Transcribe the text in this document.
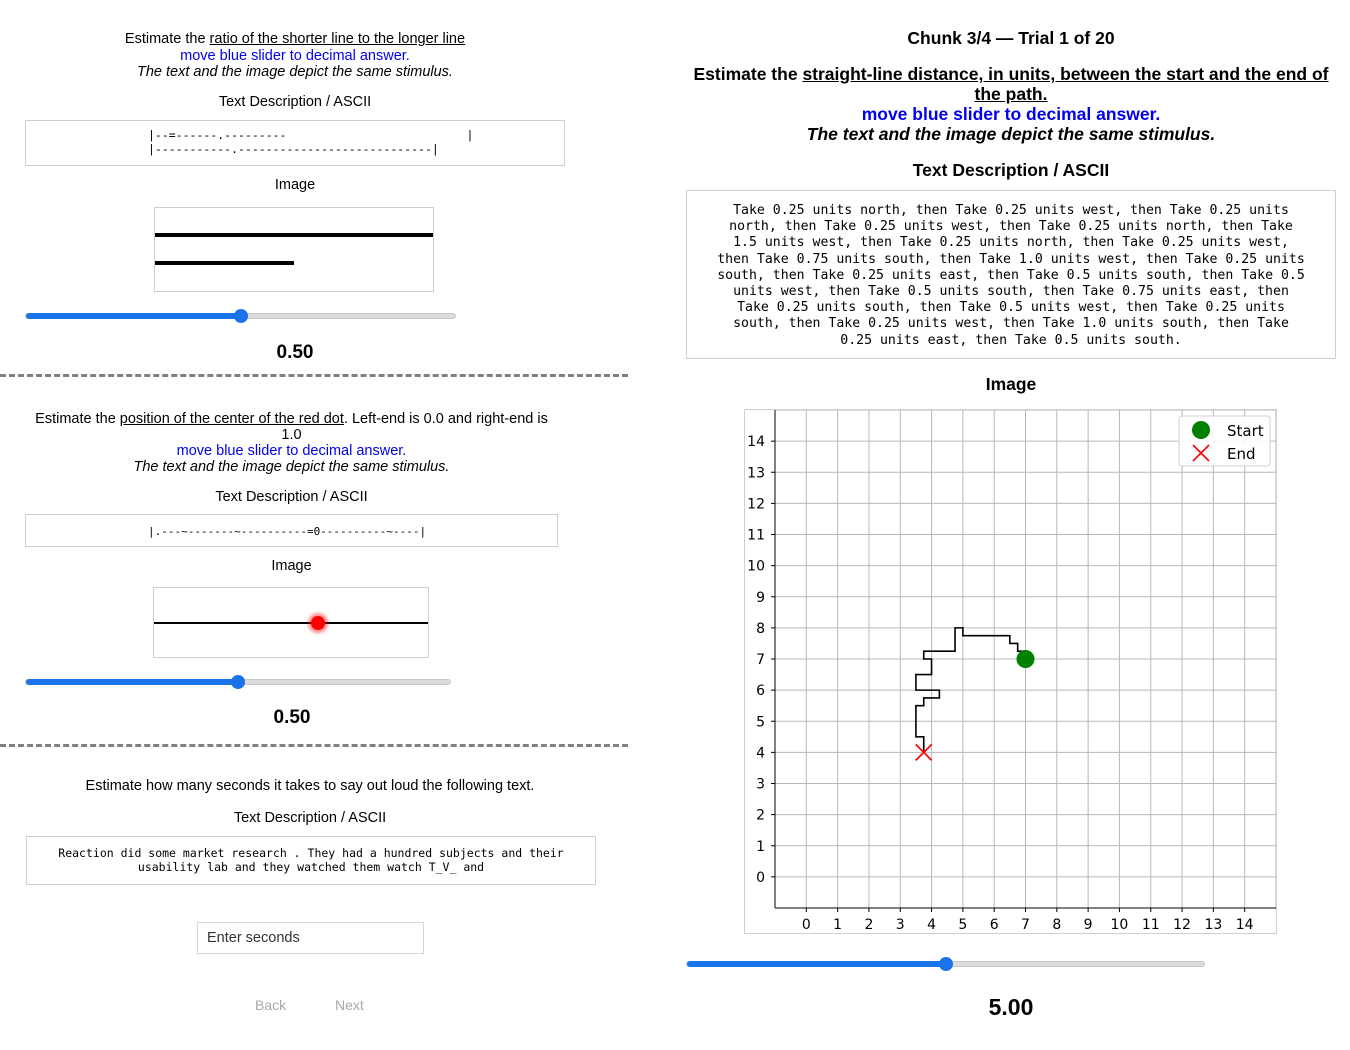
Estimate the ratio of the shorter line to the longer line
move blue slider to decimal answer.
The text and the image depict the same stimulus.
Text Description / ASCII
|--=------.---------                          |
|-----------.----------------------------|
Image
0.50
Estimate the position of the center of the red dot. Left-end is 0.0 and right-end is 1.0
move blue slider to decimal answer.
The text and the image depict the same stimulus.
Text Description / ASCII
|.---~-------~----------=0----------~----|
Image
0.50
Estimate how many seconds it takes to say out loud the following text.
Text Description / ASCII
Reaction did some market research . They had a hundred subjects and their
usability lab and they watched them watch T_V_ and
Enter seconds
Back	Next
Chunk 3/4 — Trial 1 of 20
Estimate the straight-line distance, in units, between the start and the end of the path.
move blue slider to decimal answer.
The text and the image depict the same stimulus.
Text Description / ASCII
Take 0.25 units north, then Take 0.25 units west, then Take 0.25 units
north, then Take 0.25 units west, then Take 0.25 units north, then Take
1.5 units west, then Take 0.25 units north, then Take 0.25 units west,
then Take 0.75 units south, then Take 1.0 units west, then Take 0.25 units
south, then Take 0.25 units east, then Take 0.5 units south, then Take 0.5
units west, then Take 0.5 units south, then Take 0.75 units east, then
Take 0.25 units south, then Take 0.5 units west, then Take 0.25 units
south, then Take 0.25 units west, then Take 1.0 units south, then Take
0.25 units east, then Take 0.5 units south.
Image
0 1 2 3 4 5 6 7 8 9 10 11 12 13 14
0
1
2
3
4
5
6
7
8
9
10
11
12
13
14
Start
End
5.00
